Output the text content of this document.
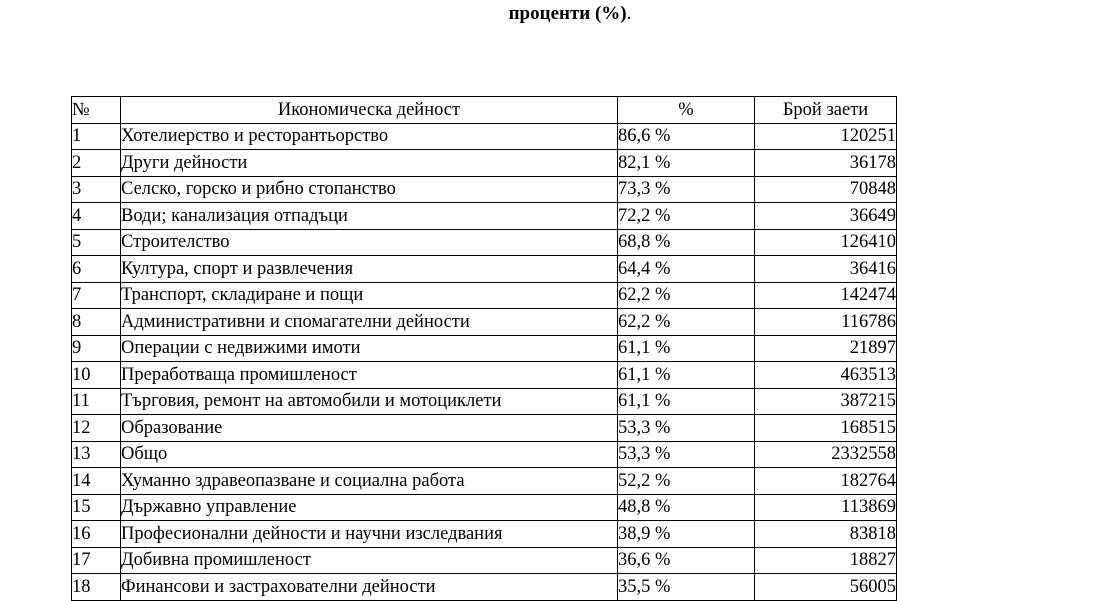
проценти (%).
№	Икономическа дейност	%	Брой заети
1	Хотелиерство и ресторантьорство	86,6 %	120251
2	Други дейности	82,1 %	36178
3	Селско, горско и рибно стопанство	73,3 %	70848
4	Води; канализация отпадъци	72,2 %	36649
5	Строителство	68,8 %	126410
6	Култура, спорт и развлечения	64,4 %	36416
7	Транспорт, складиране и пощи	62,2 %	142474
8	Административни и спомагателни дейности	62,2 %	116786
9	Операции с недвижими имоти	61,1 %	21897
10	Преработваща промишленост	61,1 %	463513
11	Търговия, ремонт на автомобили и мотоциклети	61,1 %	387215
12	Образование	53,3 %	168515
13	Общо	53,3 %	2332558
14	Хуманно здравеопазване и социална работа	52,2 %	182764
15	Държавно управление	48,8 %	113869
16	Професионални дейности и научни изследвания	38,9 %	83818
17	Добивна промишленост	36,6 %	18827
18	Финансови и застрахователни дейности	35,5 %	56005
